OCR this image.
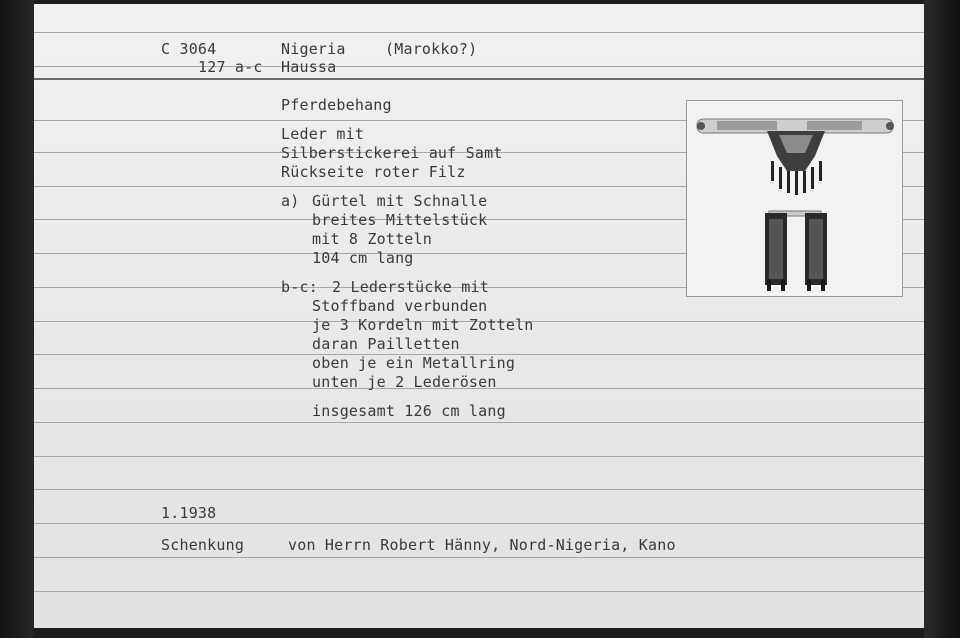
C 3064	Nigeria	(Marokko?)
127 a-c Haussa
Pferdebehang
Leder mit
Silberstickerei auf Samt
Rückseite roter Filz
a) Gürtel mit Schnalle
breites Mittelstück
mit 8 Zotteln
104 cm lang
b-c: 2 Lederstücke mit
Stoffband verbunden
je 3 Kordeln mit Zotteln
daran Pailletten
oben je ein Metallring
unten je 2 Lederösen
insgesamt 126 cm lang
1.1938
Schenkung	von Herrn Robert Hänny, Nord-Nigeria, Kano
